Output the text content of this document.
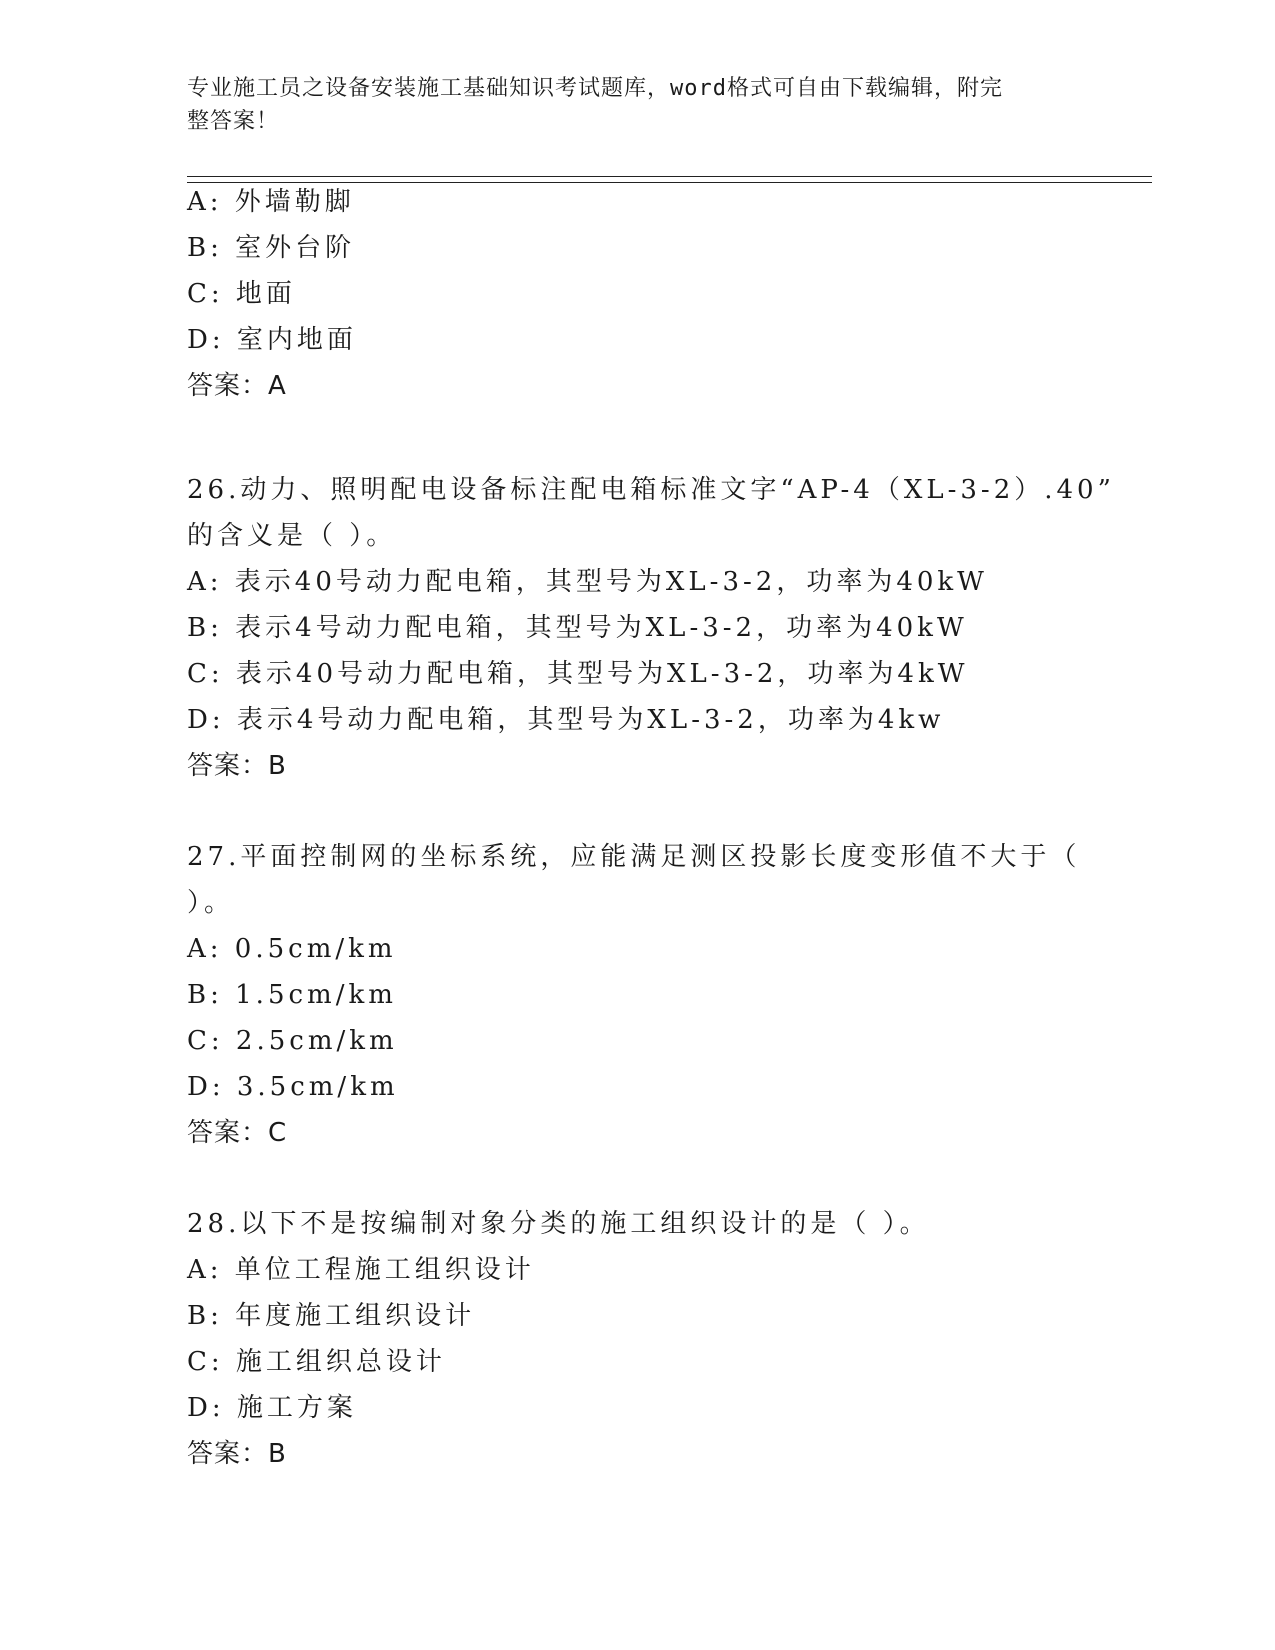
专业施工员之设备安装施工基础知识考试题库，word格式可自由下载编辑，附完
整答案！
A: 外墙勒脚
B: 室外台阶
C: 地面
D: 室内地面
答案：A
26.动力、照明配电设备标注配电箱标准文字“AP-4（XL-3-2）.40”
的含义是（ ）。
A: 表示40号动力配电箱，其型号为XL-3-2，功率为40kW
B: 表示4号动力配电箱，其型号为XL-3-2，功率为40kW
C: 表示40号动力配电箱，其型号为XL-3-2，功率为4kW
D: 表示4号动力配电箱，其型号为XL-3-2，功率为4kw
答案：B
27.平面控制网的坐标系统，应能满足测区投影长度变形值不大于（
）。
A: 0.5cm/km
B: 1.5cm/km
C: 2.5cm/km
D: 3.5cm/km
答案：C
28.以下不是按编制对象分类的施工组织设计的是（ ）。
A: 单位工程施工组织设计
B: 年度施工组织设计
C: 施工组织总设计
D: 施工方案
答案：B
